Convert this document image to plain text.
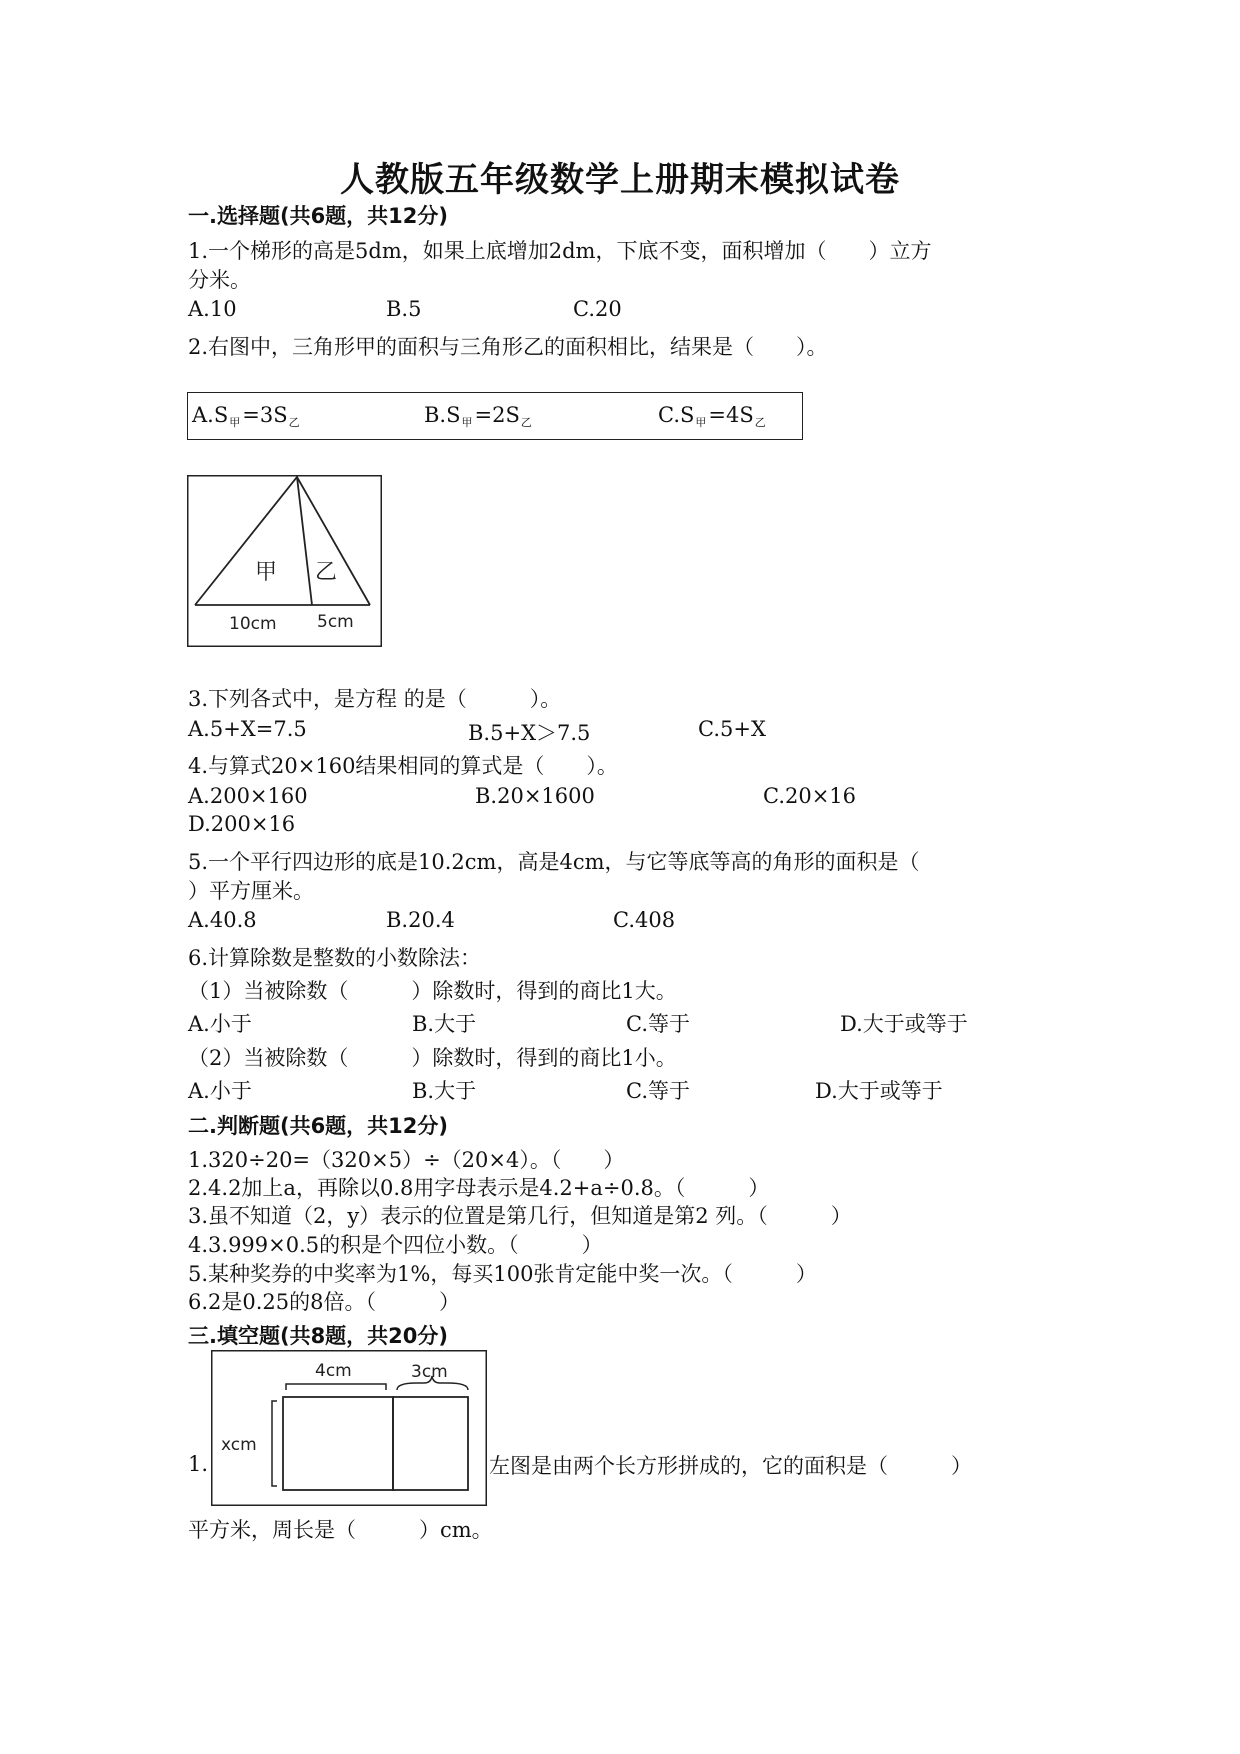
人教版五年级数学上册期末模拟试卷
一.选择题(共6题，共12分)
1.一个梯形的高是5dm，如果上底增加2dm，下底不变，面积增加（　　）立方
分米。
A.10	B.5	C.20
2.右图中，三角形甲的面积与三角形乙的面积相比，结果是（　　）。
$A.S_甲=3S_乙$	$B.S_甲=2S_乙$	$C.S_甲=4S_乙$
甲 乙
10cm 5cm
3.下列各式中，是方程 的是（　　　）。
A.5+X=7.5	B.5+X＞7.5	C.5+X
4.与算式20×160结果相同的算式是（　　）。
A.200×160	B.20×1600	C.20×16
D.200×16
5.一个平行四边形的底是10.2cm，高是4cm，与它等底等高的角形的面积是（
）平方厘米。
A.40.8	B.20.4	C.408
6.计算除数是整数的小数除法：
（1）当被除数（　　　）除数时，得到的商比1大。
A.小于	B.大于	C.等于	D.大于或等于
（2）当被除数（　　　）除数时，得到的商比1小。
A.小于	B.大于	C.等于	D.大于或等于
二.判断题(共6题，共12分)
1.320÷20=（320×5）÷（20×4）。（　　）
2.4.2加上a，再除以0.8用字母表示是4.2+a÷0.8。（　　　）
3.虽不知道（2，y）表示的位置是第几行，但知道是第2 列。（　　　）
4.3.999×0.5的积是个四位小数。（　　　）
5.某种奖券的中奖率为1%，每买100张肯定能中奖一次。（　　　）
6.2是0.25的8倍。（　　　）
三.填空题(共8题，共20分)
1.
4cm	3cm
xcm
左图是由两个长方形拼成的，它的面积是（　　　）
平方米，周长是（　　　）cm。
